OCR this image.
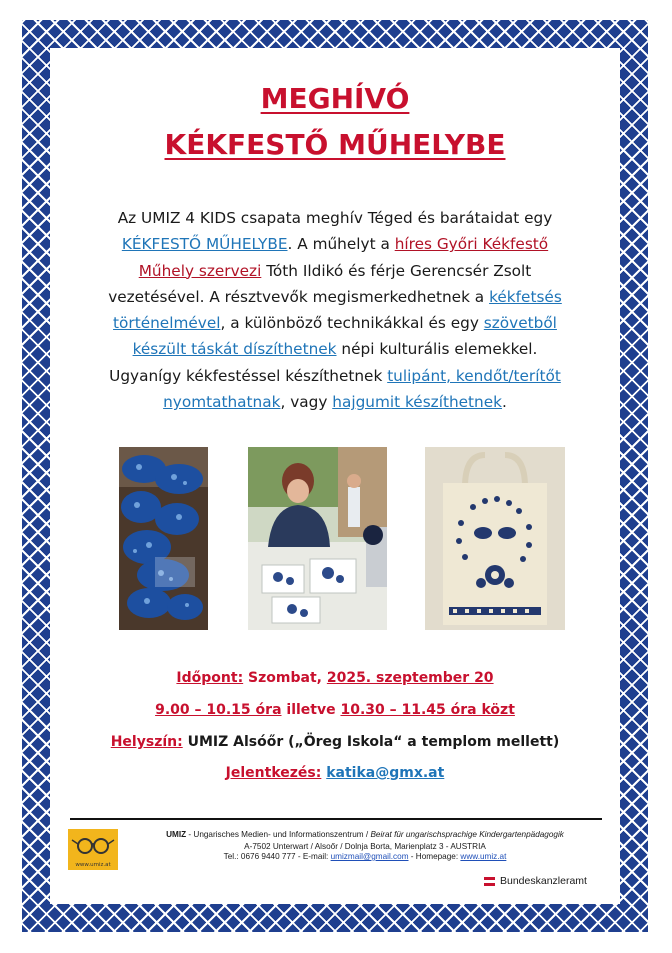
MEGHÍVÓ
KÉKFESTŐ MŰHELYBE
Az UMIZ 4 KIDS csapata meghív Téged és barátaidat egy
KÉKFESTŐ MŰHELYBE. A műhelyt a híres Győri Kékfestő
Műhely szervezi Tóth Ildikó és férje Gerencsér Zsolt
vezetésével. A résztvevők megismerkedhetnek a kékfetsés
történelmével, a különböző technikákkal és egy szövetből
készült táskát díszíthetnek népi kulturális elemekkel.
Ugyanígy kékfestéssel készíthetnek tulipánt, kendőt/terítőt
nyomtathatnak, vagy hajgumit készíthetnek.
Időpont: Szombat, 2025. szeptember 20
9.00 – 10.15 óra illetve 10.30 – 11.45 óra közt
Helyszín: UMIZ Alsóőr („Öreg Iskola“ a templom mellett)
Jelentkezés: katika@gmx.at
www.umiz.at
UMIZ - Ungarisches Medien- und Informationszentrum / Beirat für ungarischsprachige Kindergartenpädagogik
A-7502 Unterwart / Alsoőr / Dolnja Borta, Marienplatz 3 - AUSTRIA
Tel.: 0676 9440 777 - E-mail: umizmail@gmail.com - Homepage: www.umiz.at
Bundeskanzleramt
